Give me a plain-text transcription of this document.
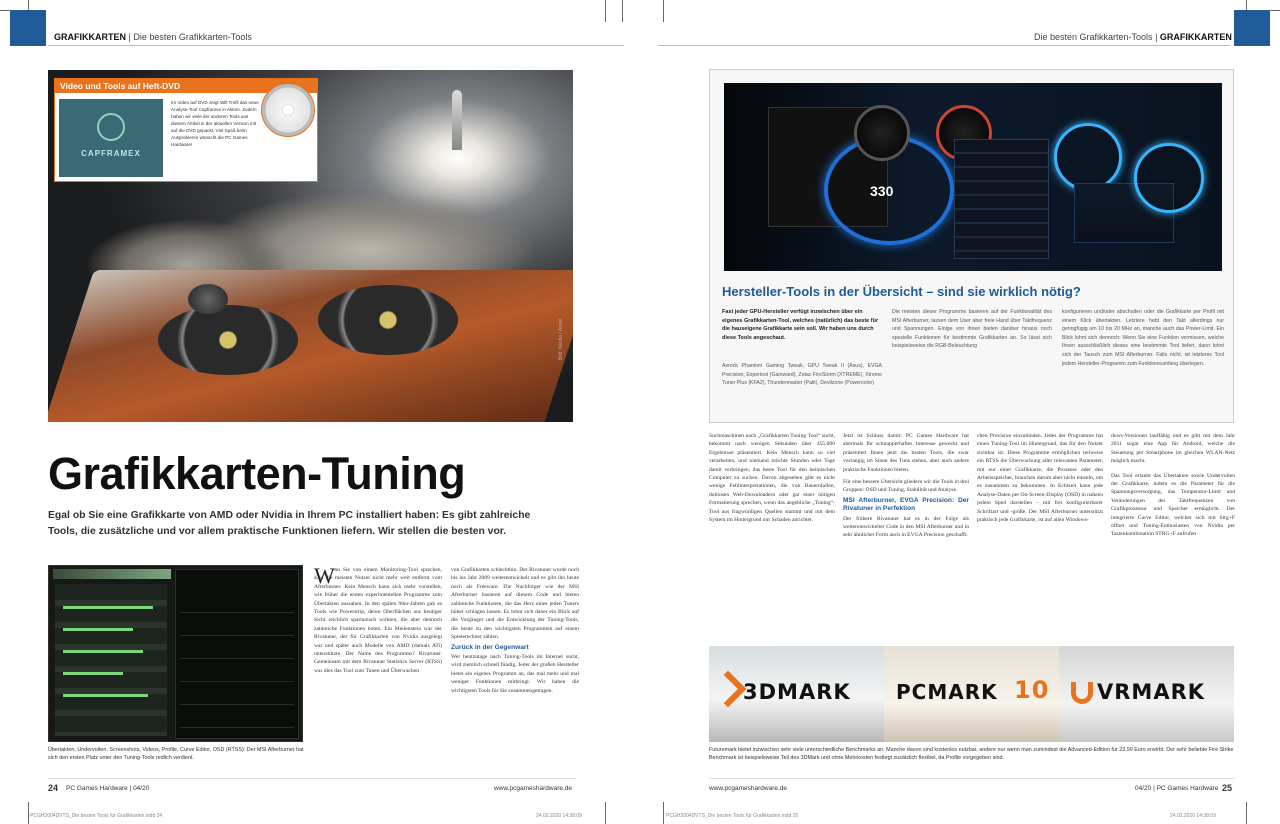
GRAFIKKARTEN | Die besten Grafikkarten-Tools
Bild: Nvidia / Ansel
Video und Tools auf Heft-DVD
CAPFRAMEX
Im Video auf DVD zeigt Will Trefil das neue Analyse-Tool Capframex in Aktion. Zudem haben wir viele der anderen Tools aus diesem Artikel in der aktuellen Version mit auf die DVD gepackt. Viel Spaß beim Ausprobieren wünscht die PC Games Hardware!
Grafikkarten-Tuning
Egal ob Sie eine Grafikkarte von AMD oder Nvidia in Ihrem PC installiert haben: Es gibt zahlreiche Tools, die zusätzliche und vor allem praktische Funktionen liefern. Wir stellen die besten vor.
Übertakten, Undervolten, Screenshots, Videos, Profile, Curve Editor, OSD (RTSS): Der MSI Afterburner hat sich den ersten Platz unter den Tuning-Tools redlich verdient.
W
enn Sie von einem Monitoring-Tool sprechen, sind die meisten Nutzer nicht mehr weit entfernt vom Afterburner. Kein Mensch kann sich mehr vorstellen, wie früher die ersten experimentellen Programme zum Übertakten aussahen. In den späten 90er-Jahren gab es Tools wie Powerstrip, deren Oberflächen aus heutiger Sicht reichlich spartanisch wirkten, die aber dennoch zahlreiche Funktionen boten. Ein Meilenstein war der Rivatuner, der für Grafikkarten von Nvidia ausgelegt war und später auch Modelle von AMD (damals ATi) unterstützte. Der Name des Programms? Rivatuner. Gemeinsam mit dem Rivatuner Statistics Server (RTSS) war dies das Tool zum Tunen und Überwachen
von Grafikkarten schlechthin. Der Rivatuner wurde noch bis ins Jahr 2009 weiterentwickelt und es gibt ihn heute noch als Freeware. Die Nachfolger wie der MSI Afterburner basieren auf diesem Code und bieten zahlreiche Funktionen, die das Herz eines jeden Tuners höher schlagen lassen. Es lohnt sich daher ein Blick auf die Vorgänger und die Entwicklung der Tuning-Tools, die heute zu den wichtigsten Programmen auf einem Spielerechner zählen.
Zurück in der Gegenwart
Wer heutzutage nach Tuning-Tools im Internet sucht, wird ziemlich schnell fündig. Jeder der großen Hersteller bietet ein eigenes Programm an, das mal mehr und mal weniger Funktionen mitbringt. Wir haben die wichtigsten Tools für Sie zusammengetragen.
24 PC Games Hardware | 04/20	www.pcgameshardware.de
PCGH2004DVTS_Die besten Tools für Grafikkarten.indd 24	24.02.2020 14:38:09
Die besten Grafikkarten-Tools | GRAFIKKARTEN
330
Hersteller-Tools in der Übersicht – sind sie wirklich nötig?
Fast jeder GPU-Hersteller verfügt inzwischen über ein eigenes Grafikkarten-Tool, welches (natürlich) das beste für die hauseigene Grafikkarte sein soll. Wir haben uns durch diese Tools angeschaut.
Asrock Phantom Gaming Tweak, GPU Tweak II (Asus), EVGA Precision, Expertool (Gainward), Zotac FireStorm (XTREME), Xtreme Tuner Plus (KFA2), Thundermaster (Palit), Devilzone (Powercolor)
Die meisten dieser Programme basieren auf der Funktionalität des MSI Afterburner, lassen dem User aber freie Hand über Taktfrequenz und Spannungen. Einige von ihnen bieten darüber hinaus noch spezielle Funktionen für bestimmte Grafikkarten an. So lässt sich beispielsweise die RGB-Beleuchtung
konfigurieren und/oder abschalten oder die Grafikkarte per Profil mit einem Klick übertakten. Letztere hebt den Takt allerdings nur geringfügig um 10 bis 20 MHz an, manche auch das Power-Limit. Ein Blick lohnt sich dennoch: Wenn Sie eine Funktion vermissen, welche Ihnen ausschließlich dieses eine bestimmte Tool liefert, dann lohnt sich der Tausch zum MSI Afterburner. Falls nicht, ist letzteres Tool jedem Hersteller-Programm zum Funktionsumfang überlegen.
Suchmaschinen nach „Grafikkarten Tuning Tool“ sucht, bekommt nach wenigen Sekunden über 455.000 Ergebnisse präsentiert. Kein Mensch kann so viel verarbeiten, und niemand möchte Stunden oder Tage damit verbringen, das beste Tool für den heimischen Computer zu suchen. Davon abgesehen gibt es nicht wenige Fehlinterpretationen, die von Bauernfallen, dubiosen Web-Downloadern oder gar einer nötigen Formatierung sprechen, wenn das angebliche „Tuning“-Tool aus fragwürdigen Quellen stammt und mit dem System im Hintergrund nur Schaden anrichtet.
Jetzt ist Schluss damit: PC Games Hardware hat abermals Ihr schnupperhaftes Interesse geweckt und präsentiert Ihnen jetzt die besten Tools, die zwar vorrangig im Sinne des Tuns stehen, aber auch andere praktische Funktionen bieten.
Für eine bessere Übersicht gliedern wir die Tools in drei Gruppen: OSD und Tuning, Stabilität und Analyse.
MSI Afterburner, EVGA Precision: Der Rivatuner in Perfektion
Der frühere Rivatuner hat es in der Folge als weiterentwickelter Code in den MSI Afterburner und in sehr ähnlicher Form auch in EVGA Precision geschafft.
chen Provision einzubinden. Jedes der Programme hat einen Tuning-Tool im Hintergrund, das für den Nutzer sichtbar ist. Diese Programme ermöglichen teilweise ein RTSS die Überwachung aller relevanten Parameter, mit nur einer Grafikkarte, die Prozesse oder den Arbeitsspeicher, brauchen darum aber nicht einzeln, um es zusammen zu bekommen. In Echtzeit kann jede Analyse-Daten per On-Screen-Display (OSD) in nahezu jedem Spiel darstellen – mit frei konfigurierbarer Schriftart und -größe. Der MSI Afterburner unterstützt praktisch jede Grafikkarte, ist auf allen Windows-
dows-Versionen lauffähig und es gibt mit dem Jahr 2011 sogar eine App für Android, welche die Steuerung per Smartphone im gleichen WLAN-Netz möglich macht.
Das Tool erlaubt das Übertakten sowie Undervolten der Grafikkarte, indem es die Parameter für die Spannungsversorgung, das Temperatur-Limit und Veränderungen der Taktfrequenzen von Grafikprozessor und Speicher ermöglicht. Der integrierte Curve Editor, welcher sich mit Strg+F öffnet und Tuning-Enthusiasten von Nvidia per Tastenkombination STRG+F aufrufen
3DMARK PCMARK 10 VRMARK
Futuremark bietet inzwischen sehr viele unterschiedliche Benchmarks an. Manche davon sind kostenlos nutzbar, andere nur wenn man zumindest die Advanced-Edition für 23,99 Euro erwirbt. Der sehr beliebte Fire Strike Benchmark ist beispielsweise Teil des 3DMark und ohne Mehrkosten festlegt zusätzlich flexibel, da Profile vorgegeben sind.
www.pcgameshardware.de	04/20 | PC Games Hardware 25
PCGH2004DVTS_Die besten Tools für Grafikkarten.indd 25	24.02.2020 14:38:09
